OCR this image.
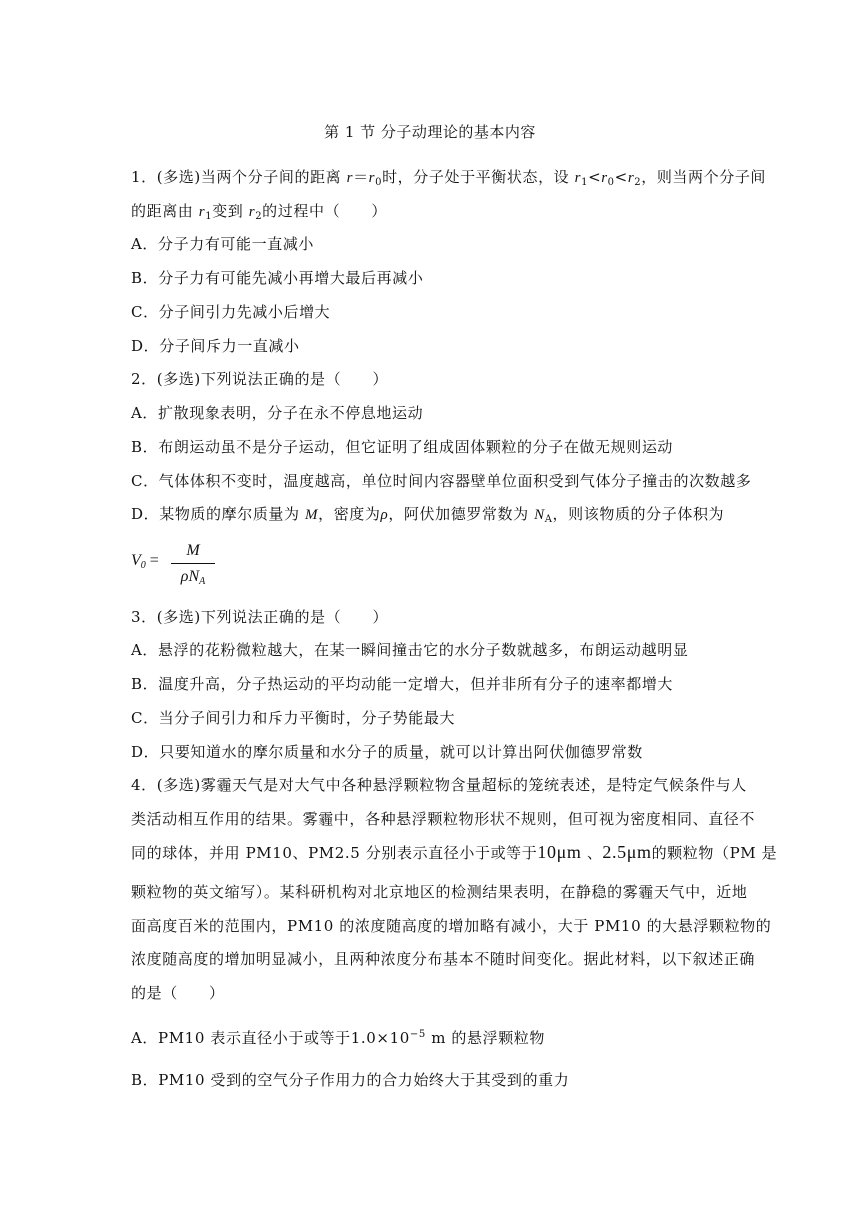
第 1 节 分子动理论的基本内容
1．(多选)当两个分子间的距离 $r=r_0$时，分子处于平衡状态，设 $r_1<r_0<r_2$，则当两个分子间
的距离由 $r_1$变到 $r_2$的过程中（　　）
A．分子力有可能一直减小
B．分子力有可能先减小再增大最后再减小
C．分子间引力先减小后增大
D．分子间斥力一直减小
2．(多选)下列说法正确的是（　　）
A．扩散现象表明，分子在永不停息地运动
B．布朗运动虽不是分子运动，但它证明了组成固体颗粒的分子在做无规则运动
C．气体体积不变时，温度越高，单位时间内容器壁单位面积受到气体分子撞击的次数越多
D．某物质的摩尔质量为 M，密度为ρ，阿伏加德罗常数为 $N_A$，则该物质的分子体积为
$V_0$ =
M
$\rho N_A$
3．(多选)下列说法正确的是（　　）
A．悬浮的花粉微粒越大，在某一瞬间撞击它的水分子数就越多，布朗运动越明显
B．温度升高，分子热运动的平均动能一定增大，但并非所有分子的速率都增大
C．当分子间引力和斥力平衡时，分子势能最大
D．只要知道水的摩尔质量和水分子的质量，就可以计算出阿伏伽德罗常数
4．(多选)雾霾天气是对大气中各种悬浮颗粒物含量超标的笼统表述，是特定气候条件与人
类活动相互作用的结果。雾霾中，各种悬浮颗粒物形状不规则，但可视为密度相同、直径不
同的球体，并用 PM10、PM2.5 分别表示直径小于或等于10μm 、2.5μm的颗粒物（PM 是
颗粒物的英文缩写）。某科研机构对北京地区的检测结果表明，在静稳的雾霾天气中，近地
面高度百米的范围内，PM10 的浓度随高度的增加略有减小，大于 PM10 的大悬浮颗粒物的
浓度随高度的增加明显减小，且两种浓度分布基本不随时间变化。据此材料，以下叙述正确
的是（　　）
A．PM10 表示直径小于或等于$1.0\times 10^{-5}$ m 的悬浮颗粒物
B．PM10 受到的空气分子作用力的合力始终大于其受到的重力
